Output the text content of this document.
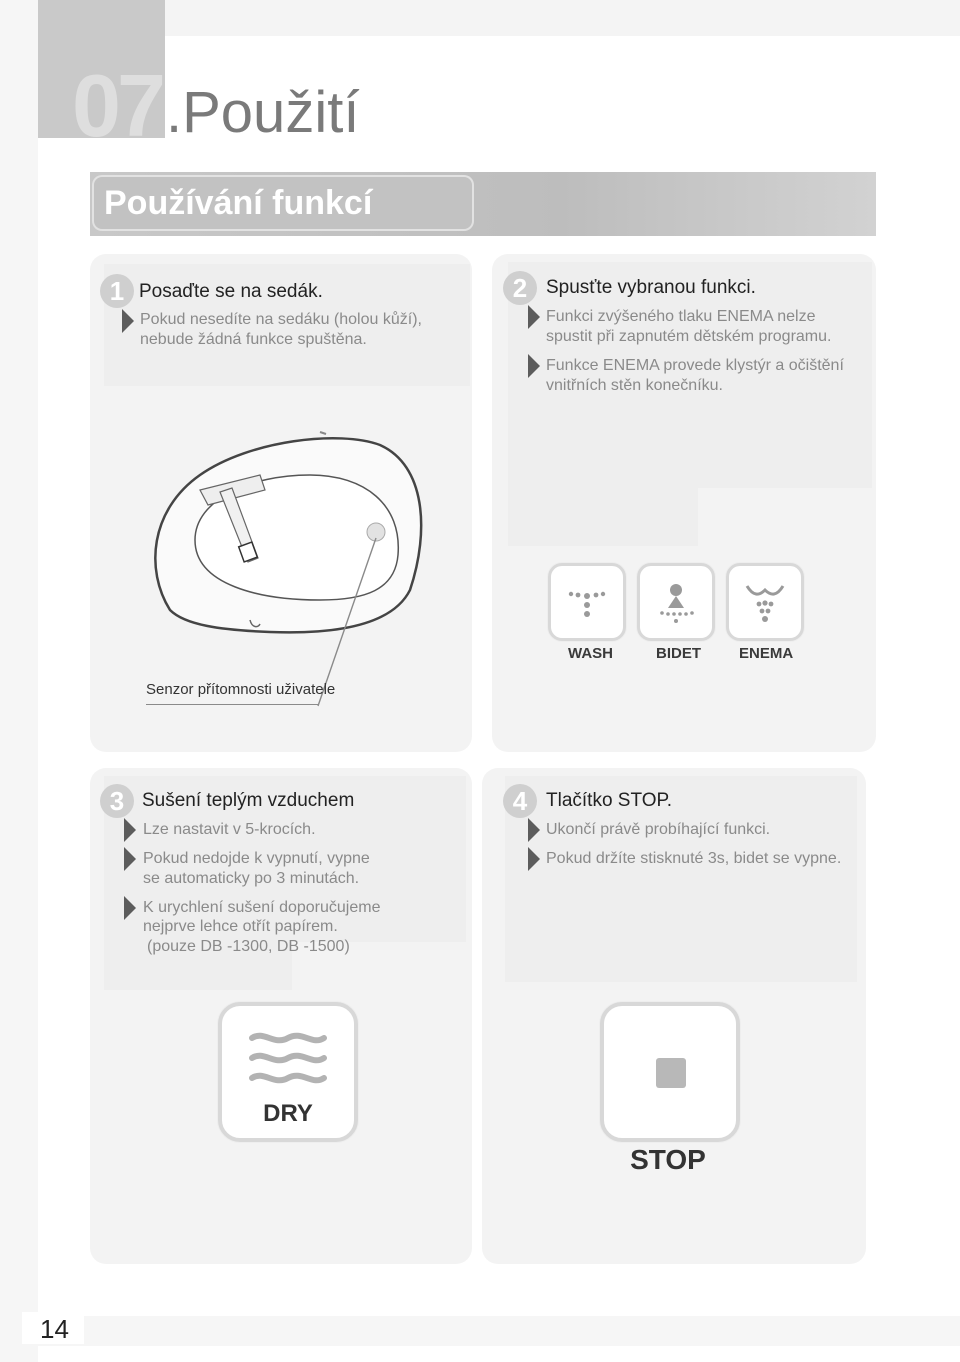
07 .Použití
Používání funkcí
1 Posaďte se na sedák.
Pokud nesedíte na sedáku (holou kůží),
nebude žádná funkce spuštěna.
2 Spusťte vybranou funkci.
Funkci zvýšeného tlaku ENEMA nelze
spustit při zapnutém dětském programu.
Funkce ENEMA provede klystýr a očištění
vnitřních stěn konečníku.
Senzor přítomnosti uživatele
WASH	BIDET	ENEMA
3 Sušení teplým vzduchem
Lze nastavit v 5-krocích.
Pokud nedojde k vypnutí, vypne
se automaticky po 3 minutách.
K urychlení sušení doporučujeme
nejprve lehce otřít papírem.
(pouze DB -1300, DB -1500)
DRY
4 Tlačítko STOP.
Ukončí právě probíhající funkci.
Pokud držíte stisknuté 3s, bidet se vypne.
STOP
14
